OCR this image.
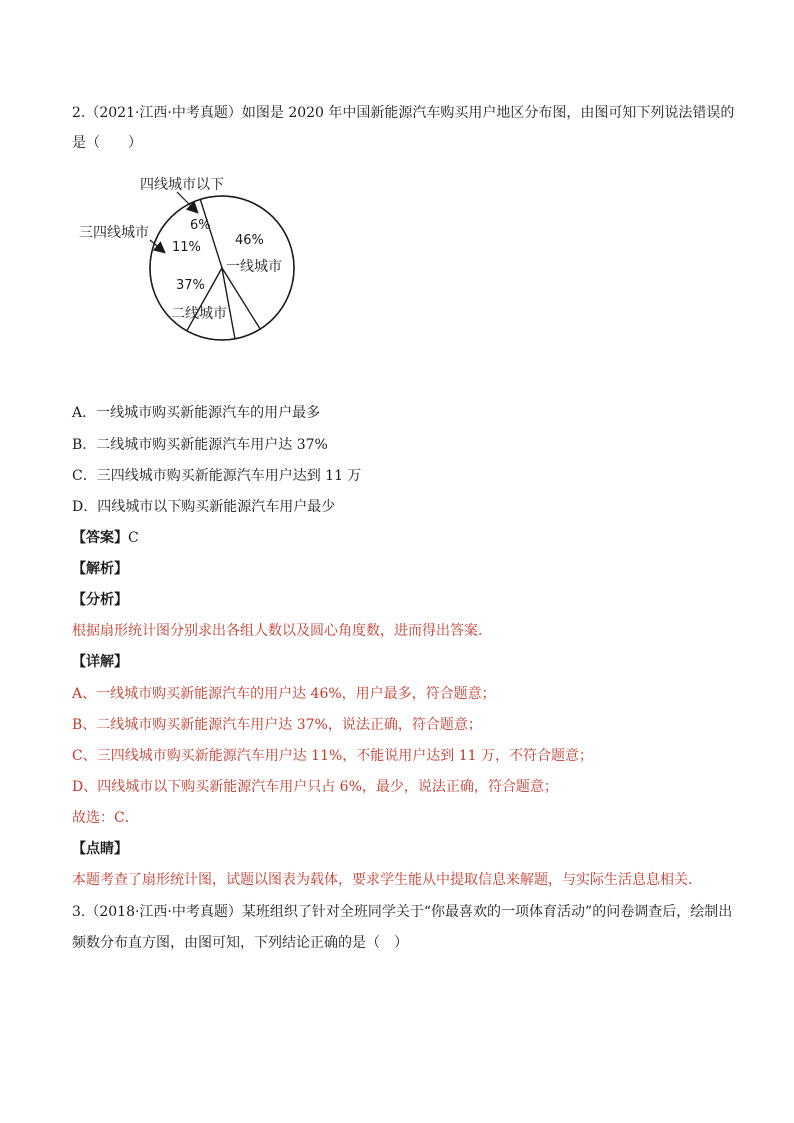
2.（2021·江西·中考真题）如图是 2020 年中国新能源汽车购买用户地区分布图，由图可知下列说法错误的
是（　　）
四线城市以下
三四线城市
一线城市
二线城市
46%
37%
11%
6%
A．一线城市购买新能源汽车的用户最多
B．二线城市购买新能源汽车用户达 37%
C．三四线城市购买新能源汽车用户达到 11 万
D．四线城市以下购买新能源汽车用户最少
【答案】C
【解析】
【分析】
根据扇形统计图分别求出各组人数以及圆心角度数，进而得出答案．
【详解】
A、一线城市购买新能源汽车的用户达 46%，用户最多，符合题意；
B、二线城市购买新能源汽车用户达 37%，说法正确，符合题意；
C、三四线城市购买新能源汽车用户达 11%，不能说用户达到 11 万，不符合题意；
D、四线城市以下购买新能源汽车用户只占 6%，最少，说法正确，符合题意；
故选：C．
【点睛】
本题考查了扇形统计图，试题以图表为载体，要求学生能从中提取信息来解题，与实际生活息息相关．
3.（2018·江西·中考真题）某班组织了针对全班同学关于“你最喜欢的一项体育活动”的问卷调查后，绘制出
频数分布直方图，由图可知，下列结论正确的是（　）
